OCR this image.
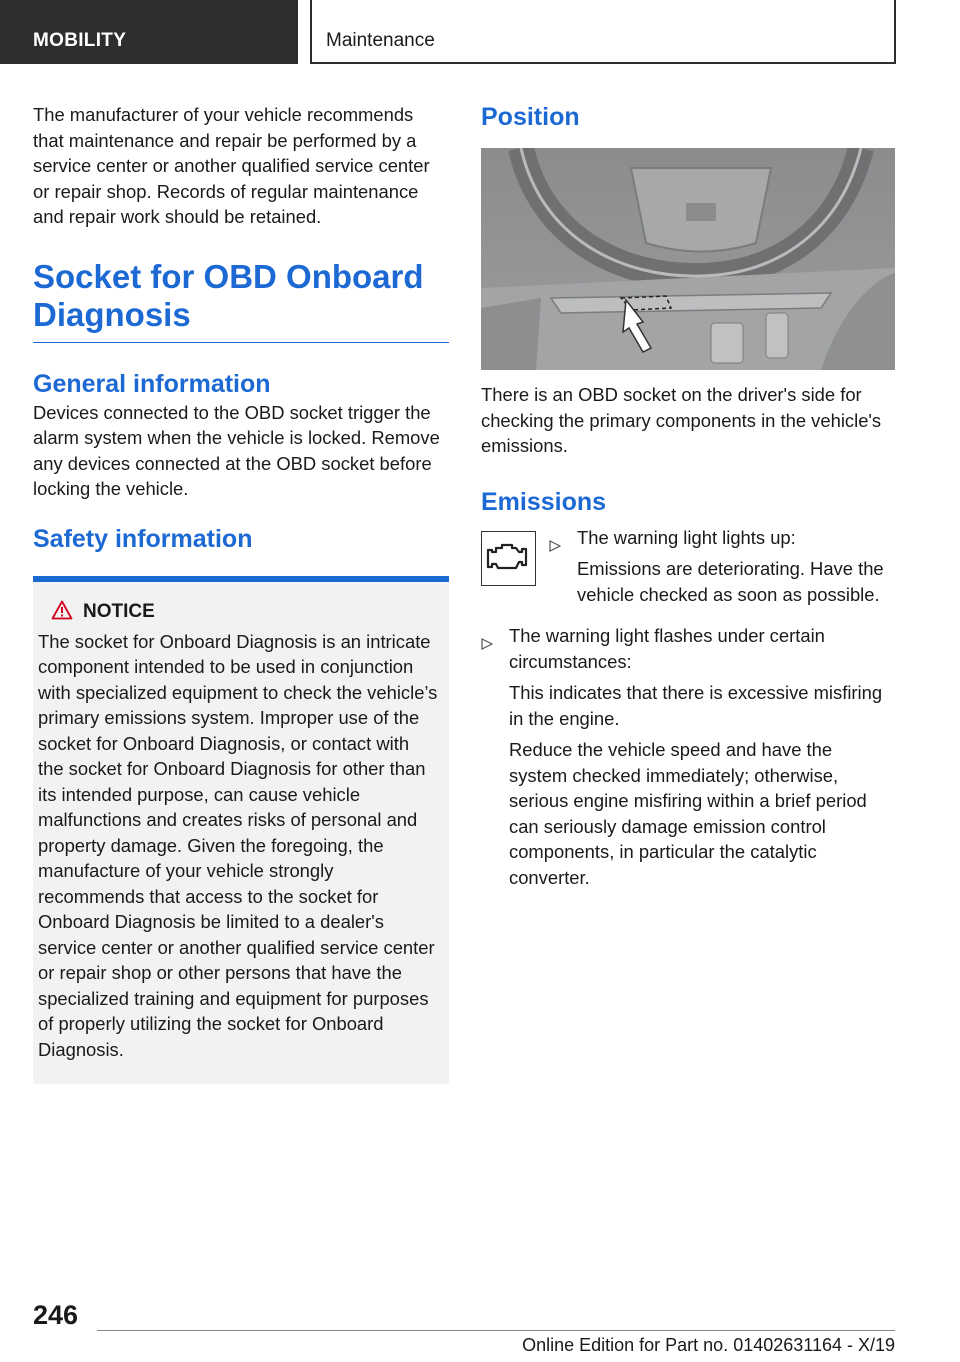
MOBILITY	Maintenance

The manufacturer of your vehicle recommends that maintenance and repair be performed by a service center or another qualified service center or repair shop. Records of regular maintenance and repair work should be retained.

Socket for OBD Onboard
Diagnosis
General information

Devices connected to the OBD socket trigger the alarm system when the vehicle is locked. Remove any devices connected at the OBD socket before locking the vehicle.

Safety information
NOTICE

The socket for Onboard Diagnosis is an intricate component intended to be used in conjunction with specialized equipment to check the vehicle’s primary emissions system. Improper use of the socket for Onboard Diagnosis, or contact with the socket for Onboard Diagnosis for other than its intended purpose, can cause vehicle malfunctions and creates risks of personal and property damage. Given the foregoing, the manufacture of your vehicle strongly recommends that access to the socket for Onboard Diagnosis be limited to a dealer's service center or another qualified service center or repair shop or other persons that have the specialized training and equipment for purposes of properly utilizing the socket for Onboard Diagnosis.

Position

There is an OBD socket on the driver's side for checking the primary components in the vehicle's emissions.

Emissions

The warning light lights up:

Emissions are deteriorating. Have the vehicle checked as soon as possible.

The warning light flashes under certain circumstances:

This indicates that there is excessive misfiring in the engine.

Reduce the vehicle speed and have the system checked immediately; otherwise, serious engine misfiring within a brief period can seriously damage emission control components, in particular the catalytic converter.

246
Online Edition for Part no. 01402631164 - X/19
